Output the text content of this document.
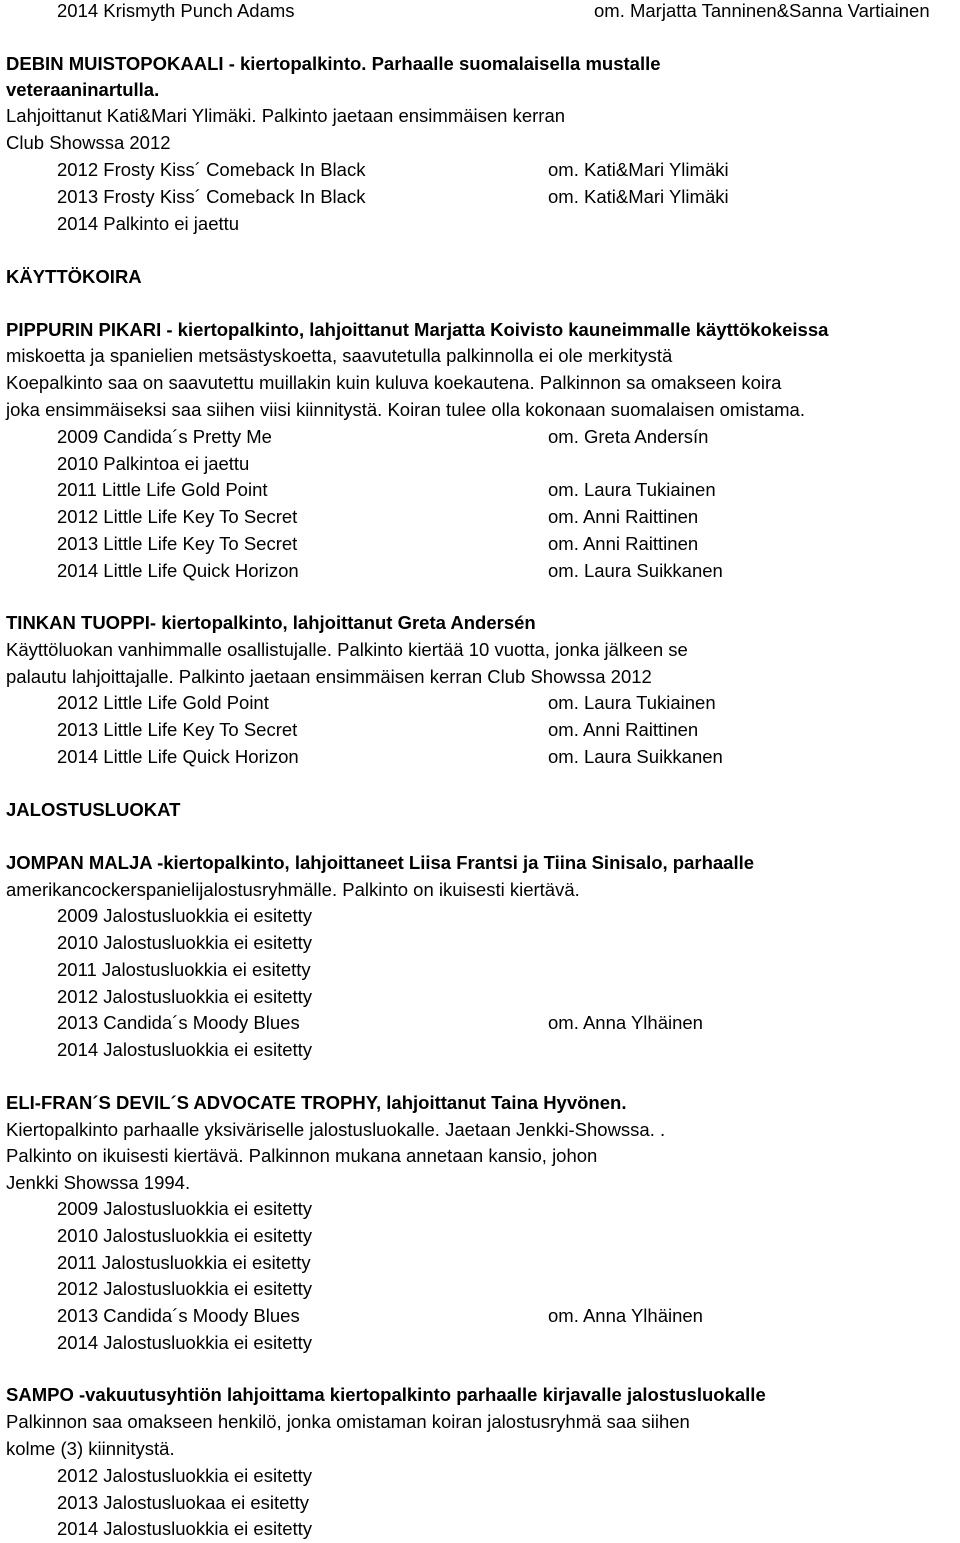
2014 Krismyth Punch Adams	om. Marjatta Tanninen&Sanna Vartiainen
DEBIN MUISTOPOKAALI - kiertopalkinto. Parhaalle suomalaisella mustalle
veteraaninartulla.
Lahjoittanut Kati&Mari Ylimäki. Palkinto jaetaan ensimmäisen kerran
Club Showssa 2012
2012 Frosty Kiss´ Comeback In Black	om. Kati&Mari Ylimäki
2013 Frosty Kiss´ Comeback In Black	om. Kati&Mari Ylimäki
2014 Palkinto ei jaettu
KÄYTTÖKOIRA
PIPPURIN PIKARI - kiertopalkinto, lahjoittanut Marjatta Koivisto kauneimmalle käyttökokeissa
miskoetta ja spanielien metsästyskoetta, saavutetulla palkinnolla ei ole merkitystä
Koepalkinto saa on saavutettu muillakin kuin kuluva koekautena. Palkinnon sa omakseen koira
joka ensimmäiseksi saa siihen viisi kiinnitystä. Koiran tulee olla kokonaan suomalaisen omistama.
2009 Candida´s Pretty Me	om. Greta Andersín
2010 Palkintoa ei jaettu
2011 Little Life Gold Point	om. Laura Tukiainen
2012 Little Life Key To Secret	om. Anni Raittinen
2013 Little Life Key To Secret	om. Anni Raittinen
2014 Little Life Quick Horizon	om. Laura Suikkanen
TINKAN TUOPPI- kiertopalkinto, lahjoittanut Greta Andersén
Käyttöluokan vanhimmalle osallistujalle. Palkinto kiertää 10 vuotta, jonka jälkeen se
palautu lahjoittajalle. Palkinto jaetaan ensimmäisen kerran Club Showssa 2012
2012 Little Life Gold Point	om. Laura Tukiainen
2013 Little Life Key To Secret	om. Anni Raittinen
2014 Little Life Quick Horizon	om. Laura Suikkanen
JALOSTUSLUOKAT
JOMPAN MALJA -kiertopalkinto, lahjoittaneet Liisa Frantsi ja Tiina Sinisalo, parhaalle
amerikancockerspanielijalostusryhmälle. Palkinto on ikuisesti kiertävä.
2009 Jalostusluokkia ei esitetty
2010 Jalostusluokkia ei esitetty
2011 Jalostusluokkia ei esitetty
2012 Jalostusluokkia ei esitetty
2013 Candida´s Moody Blues	om. Anna Ylhäinen
2014 Jalostusluokkia ei esitetty
ELI-FRAN´S DEVIL´S ADVOCATE TROPHY, lahjoittanut Taina Hyvönen.
Kiertopalkinto parhaalle yksiväriselle jalostusluokalle. Jaetaan Jenkki-Showssa. .
Palkinto on ikuisesti kiertävä. Palkinnon mukana annetaan kansio, johon
Jenkki Showssa 1994.
2009 Jalostusluokkia ei esitetty
2010 Jalostusluokkia ei esitetty
2011 Jalostusluokkia ei esitetty
2012 Jalostusluokkia ei esitetty
2013 Candida´s Moody Blues	om. Anna Ylhäinen
2014 Jalostusluokkia ei esitetty
SAMPO -vakuutusyhtiön lahjoittama kiertopalkinto parhaalle kirjavalle jalostusluokalle
Palkinnon saa omakseen henkilö, jonka omistaman koiran jalostusryhmä saa siihen
kolme (3) kiinnitystä.
2012 Jalostusluokkia ei esitetty
2013 Jalostusluokaa ei esitetty
2014 Jalostusluokkia ei esitetty
